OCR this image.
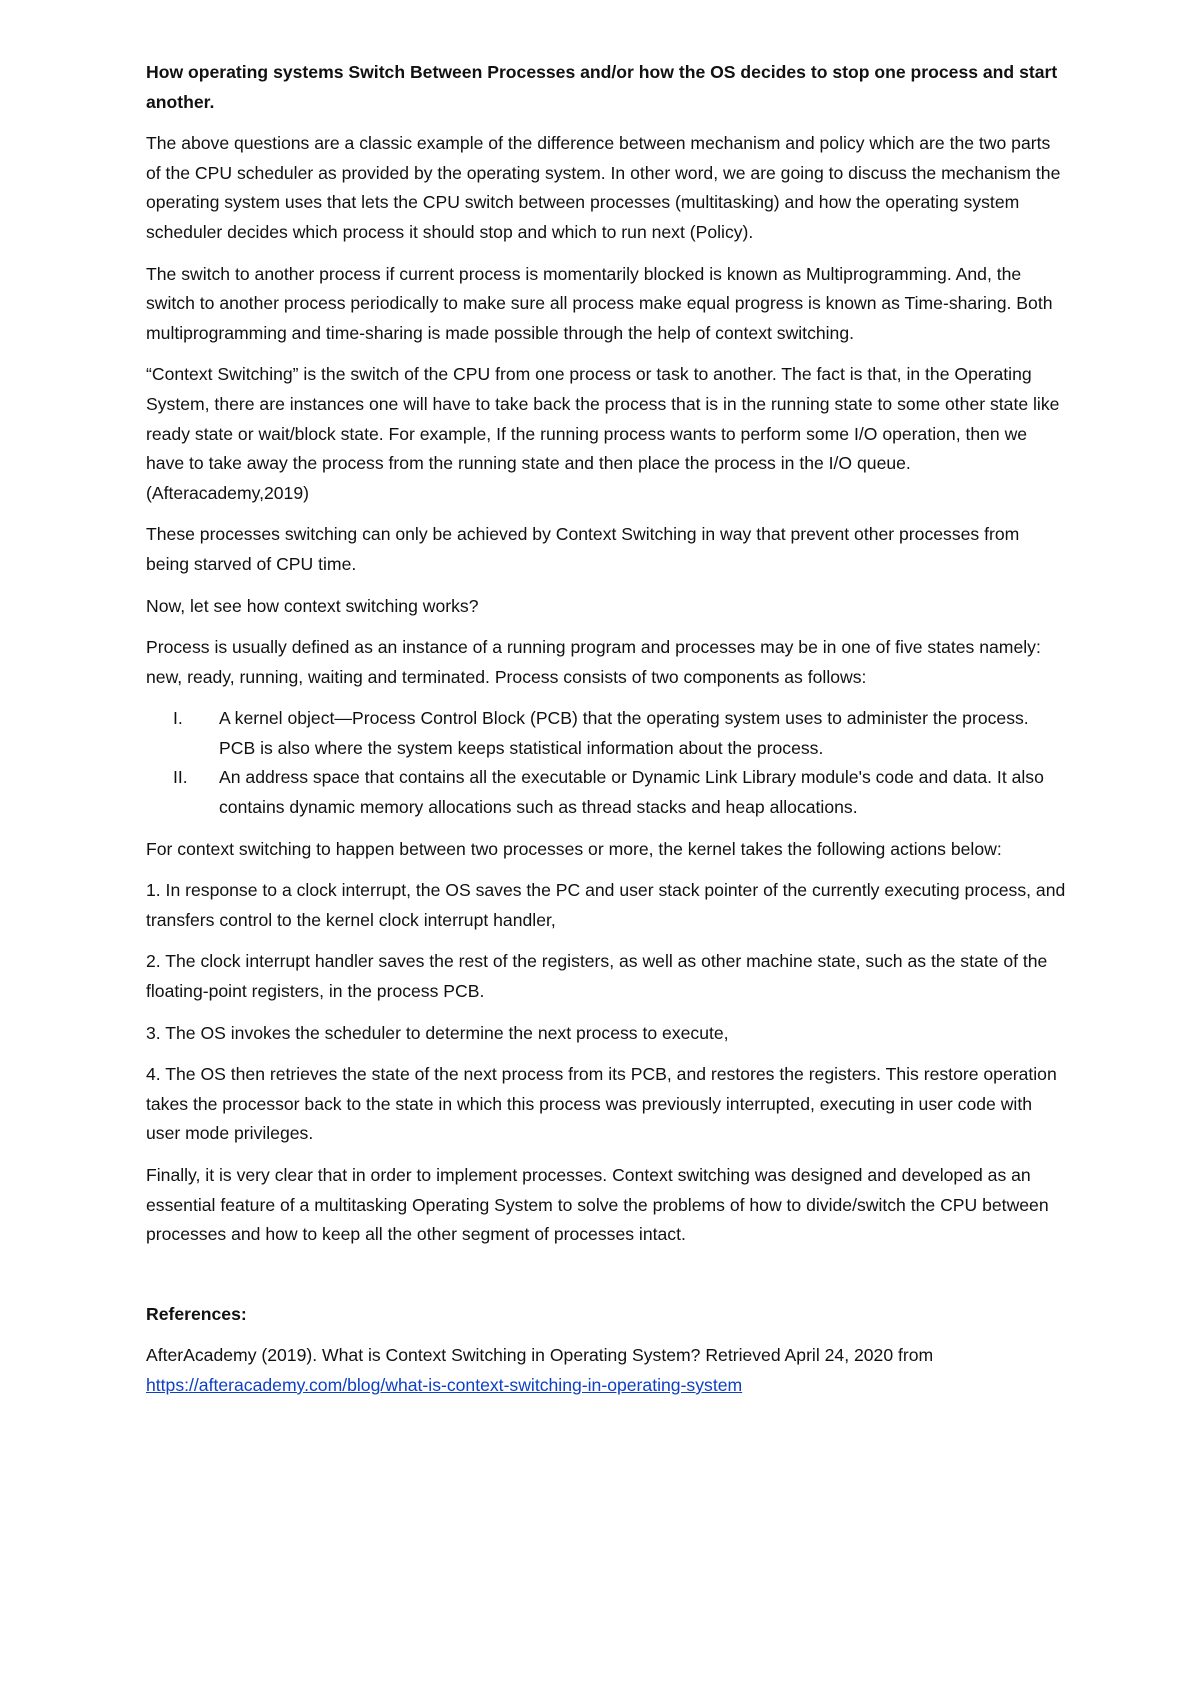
How operating systems Switch Between Processes and/or how the OS decides to stop one process and start another.

The above questions are a classic example of the difference between mechanism and policy which are the two parts of the CPU scheduler as provided by the operating system. In other word, we are going to discuss the mechanism the operating system uses that lets the CPU switch between processes (multitasking) and how the operating system scheduler decides which process it should stop and which to run next (Policy).

The switch to another process if current process is momentarily blocked is known as Multiprogramming. And, the switch to another process periodically to make sure all process make equal progress is known as Time-sharing. Both multiprogramming and time-sharing is made possible through the help of context switching.

“Context Switching” is the switch of the CPU from one process or task to another. The fact is that, in the Operating System, there are instances one will have to take back the process that is in the running state to some other state like ready state or wait/block state. For example, If the running process wants to perform some I/O operation, then we have to take away the process from the running state and then place the process in the I/O queue. (Afteracademy,2019)

These processes switching can only be achieved by Context Switching in way that prevent other processes from being starved of CPU time.

Now, let see how context switching works?

Process is usually defined as an instance of a running program and processes may be in one of five states namely: new, ready, running, waiting and terminated. Process consists of two components as follows:

I. A kernel object—Process Control Block (PCB) that the operating system uses to administer the process. PCB is also where the system keeps statistical information about the process.
II. An address space that contains all the executable or Dynamic Link Library module's code and data. It also contains dynamic memory allocations such as thread stacks and heap allocations.

For context switching to happen between two processes or more, the kernel takes the following actions below:

1. In response to a clock interrupt, the OS saves the PC and user stack pointer of the currently executing process, and transfers control to the kernel clock interrupt handler,

2. The clock interrupt handler saves the rest of the registers, as well as other machine state, such as the state of the floating-point registers, in the process PCB.

3. The OS invokes the scheduler to determine the next process to execute,

4. The OS then retrieves the state of the next process from its PCB, and restores the registers. This restore operation takes the processor back to the state in which this process was previously interrupted, executing in user code with user mode privileges.

Finally, it is very clear that in order to implement processes. Context switching was designed and developed as an essential feature of a multitasking Operating System to solve the problems of how to divide/switch the CPU between processes and how to keep all the other segment of processes intact.

References:

AfterAcademy (2019). What is Context Switching in Operating System? Retrieved April 24, 2020 from https://afteracademy.com/blog/what-is-context-switching-in-operating-system
